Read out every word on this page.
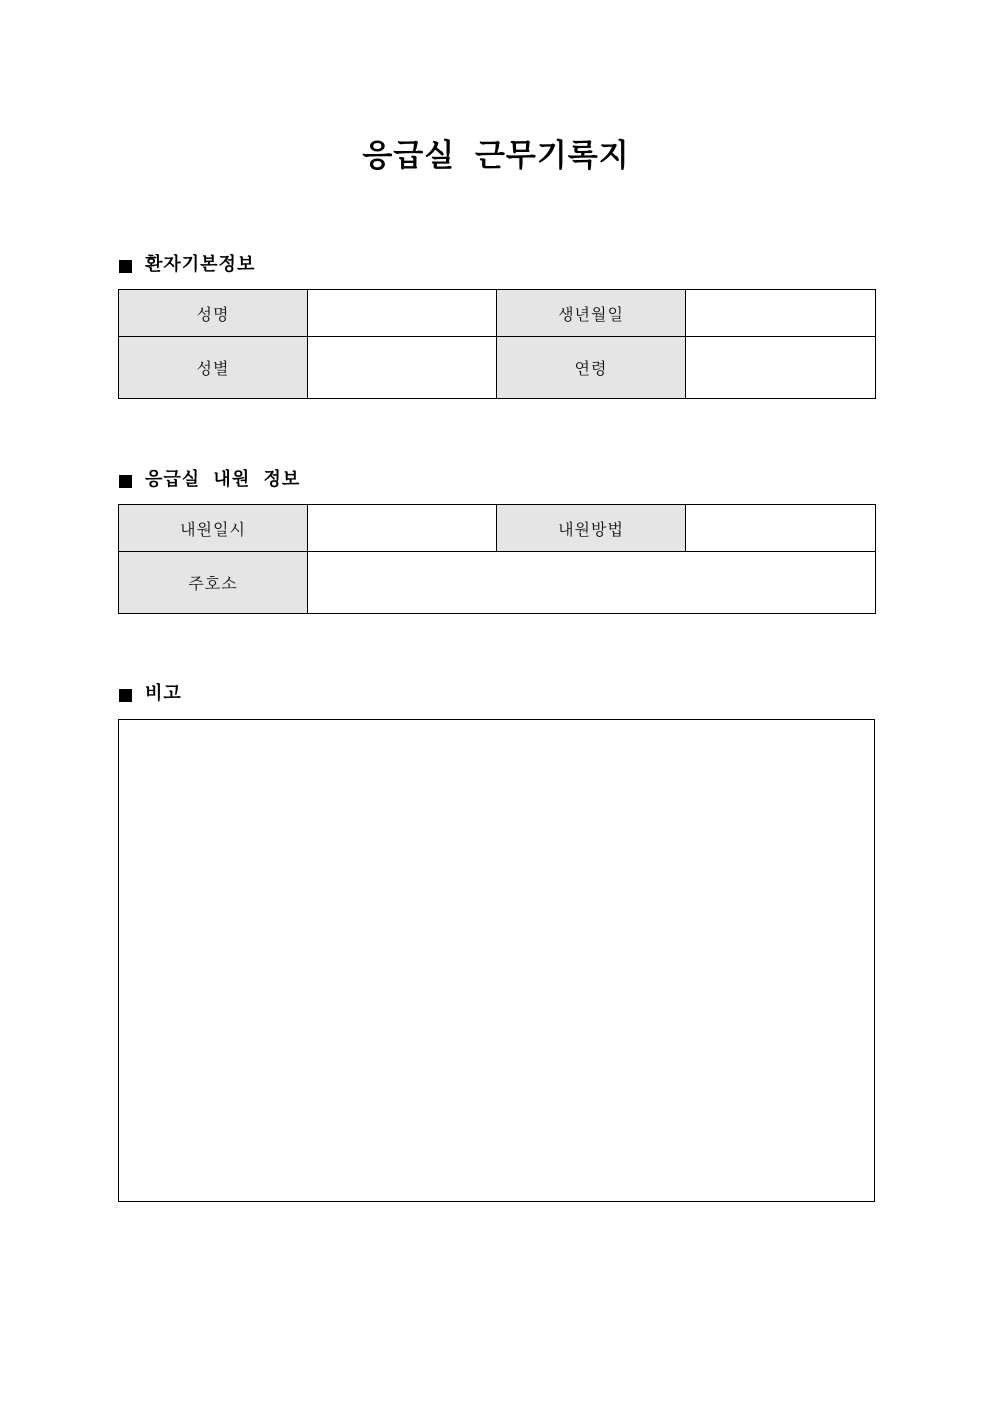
응급실 근무기록지
환자기본정보
성명		생년월일	

성별		연령	
응급실 내원 정보
내원일시		내원방법	

주호소			
비고
